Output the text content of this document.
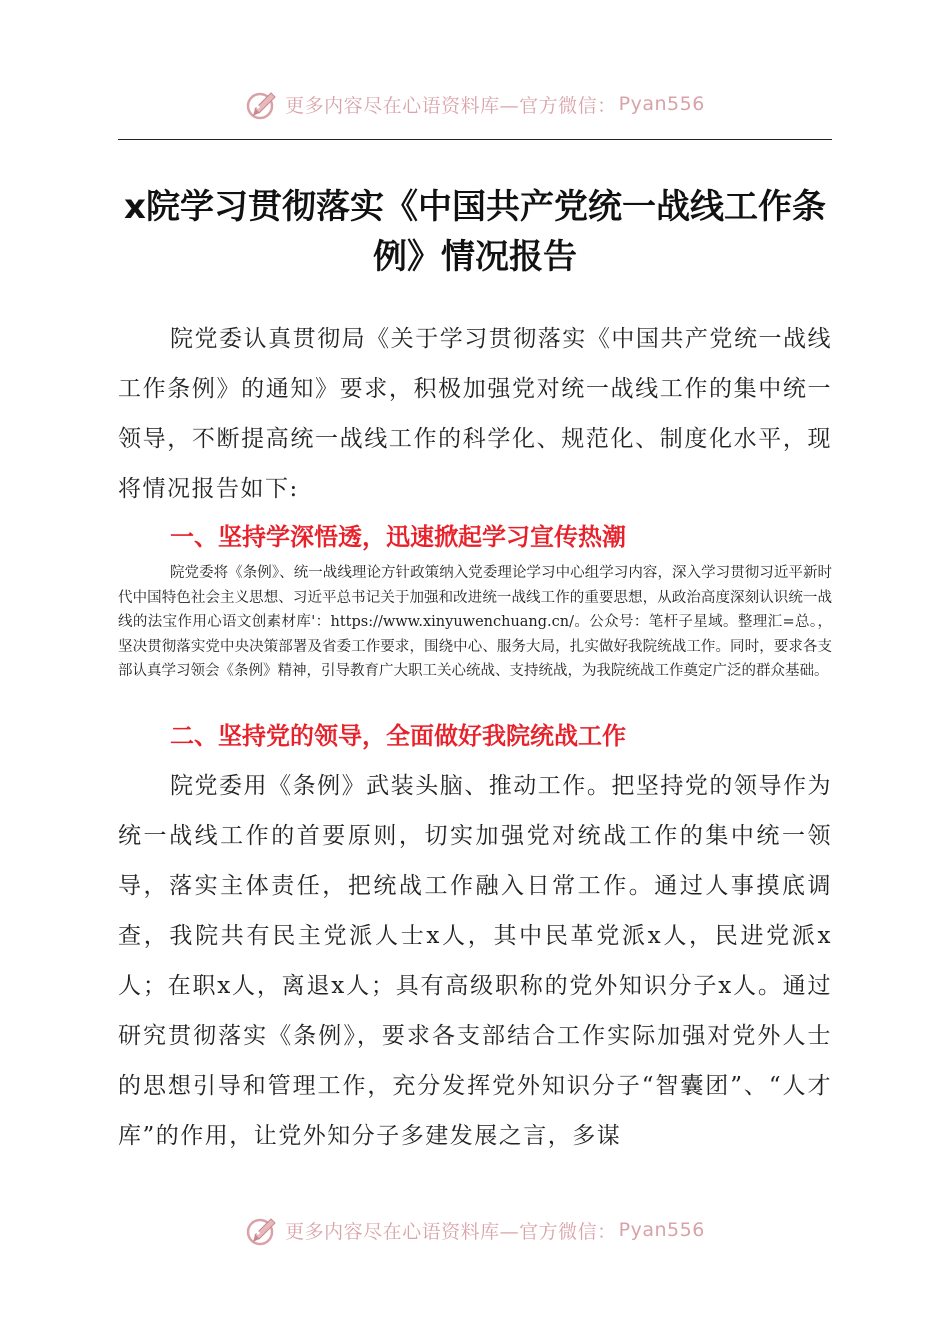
更多内容尽在心语资料库—官方微信： Pyan556
x院学习贯彻落实《中国共产党统一战线工作条例》情况报告

院党委认真贯彻局《关于学习贯彻落实《中国共产党统一战线工作条例》的通知》要求，积极加强党对统一战线工作的集中统一领导，不断提高统一战线工作的科学化、规范化、制度化水平，现将情况报告如下:

一、坚持学深悟透，迅速掀起学习宣传热潮

院党委将《条例》、统一战线理论方针政策纳入党委理论学习中心组学习内容，深入学习贯彻习近平新时代中国特色社会主义思想、习近平总书记关于加强和改进统一战线工作的重要思想，从政治高度深刻认识统一战线的法宝作用心语文创素材库'：https://www.xinyuwenchuang.cn/。公众号：笔杆子星域。整理汇=总。，坚决贯彻落实党中央决策部署及省委工作要求，围绕中心、服务大局，扎实做好我院统战工作。同时，要求各支部认真学习领会《条例》精神，引导教育广大职工关心统战、支持统战，为我院统战工作奠定广泛的群众基础。

二、坚持党的领导，全面做好我院统战工作

院党委用《条例》武装头脑、推动工作。把坚持党的领导作为统一战线工作的首要原则，切实加强党对统战工作的集中统一领导，落实主体责任，把统战工作融入日常工作。通过人事摸底调查，我院共有民主党派人士x人，其中民革党派x人，民进党派x人；在职x人，离退x人；具有高级职称的党外知识分子x人。通过研究贯彻落实《条例》，要求各支部结合工作实际加强对党外人士的思想引导和管理工作，充分发挥党外知识分子“智囊团”、“人才库”的作用，让党外知分子多建发展之言，多谋

更多内容尽在心语资料库—官方微信： Pyan556
